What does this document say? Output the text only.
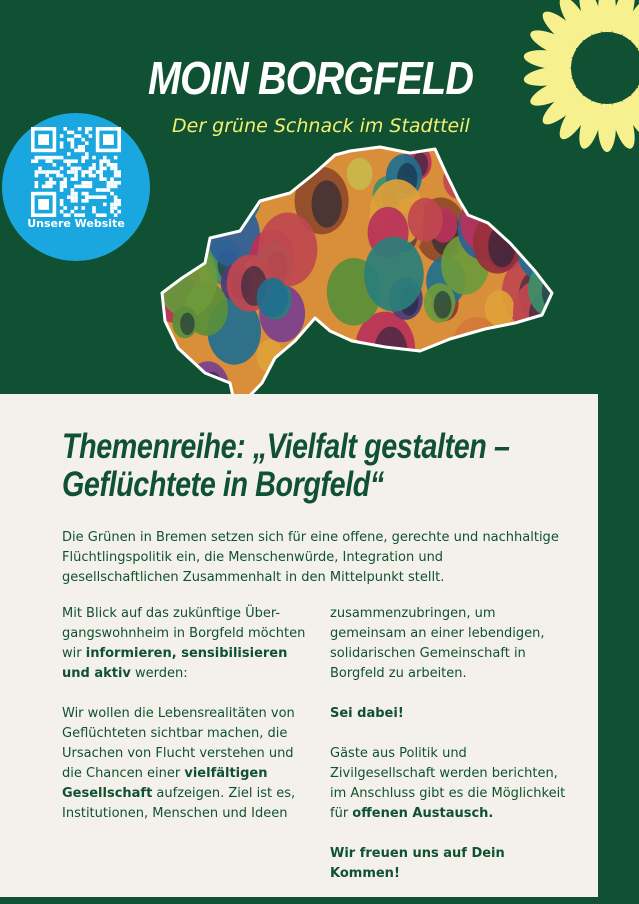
MOIN BORGFELD
Der grüne Schnack im Stadtteil
Unsere Website
Themenreihe: „Vielfalt gestalten –
Geflüchtete in Borgfeld“
Die Grünen in Bremen setzen sich für eine offene, gerechte und nachhaltige Flüchtlingspolitik ein, die Menschenwürde, Integration und gesellschaftlichen Zusammenhalt in den Mittelpunkt stellt.

Mit Blick auf das zukünftige Über-gangswohnheim in Borgfeld möchten wir informieren, sensibilisieren und aktiv werden:

Wir wollen die Lebensrealitäten von Geflüchteten sichtbar machen, die Ursachen von Flucht verstehen und die Chancen einer vielfältigen Gesellschaft aufzeigen. Ziel ist es, Institutionen, Menschen und Ideen

zusammenzubringen, um gemeinsam an einer lebendigen, solidarischen Gemeinschaft in Borgfeld zu arbeiten.

Sei dabei!

Gäste aus Politik und Zivilgesellschaft werden berichten, im Anschluss gibt es die Möglichkeit für offenen Austausch.

Wir freuen uns auf Dein Kommen!
